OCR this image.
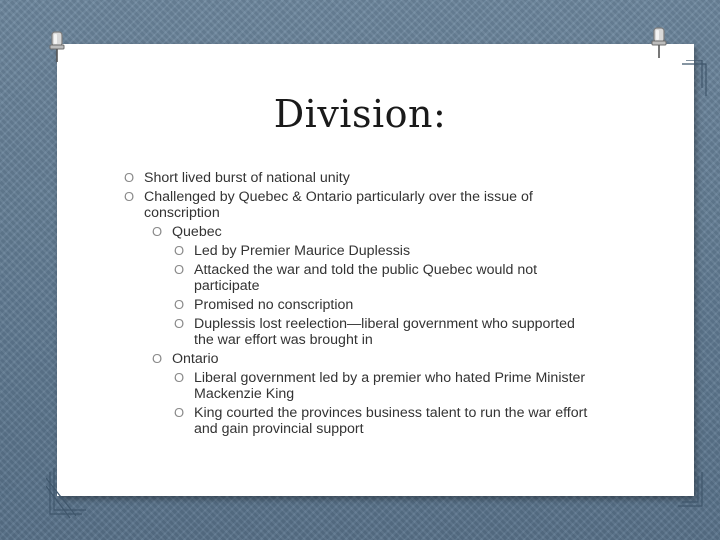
Division:
O Short lived burst of national unity
O Challenged by Quebec & Ontario particularly over the issue of conscription
O Quebec
O Led by Premier Maurice Duplessis
O Attacked the war and told the public Quebec would not participate
O Promised no conscription
O Duplessis lost reelection—liberal government who supported the war effort was brought in
O Ontario
O Liberal government led by a premier who hated Prime Minister Mackenzie King
O King courted the provinces business talent to run the war effort and gain provincial support
